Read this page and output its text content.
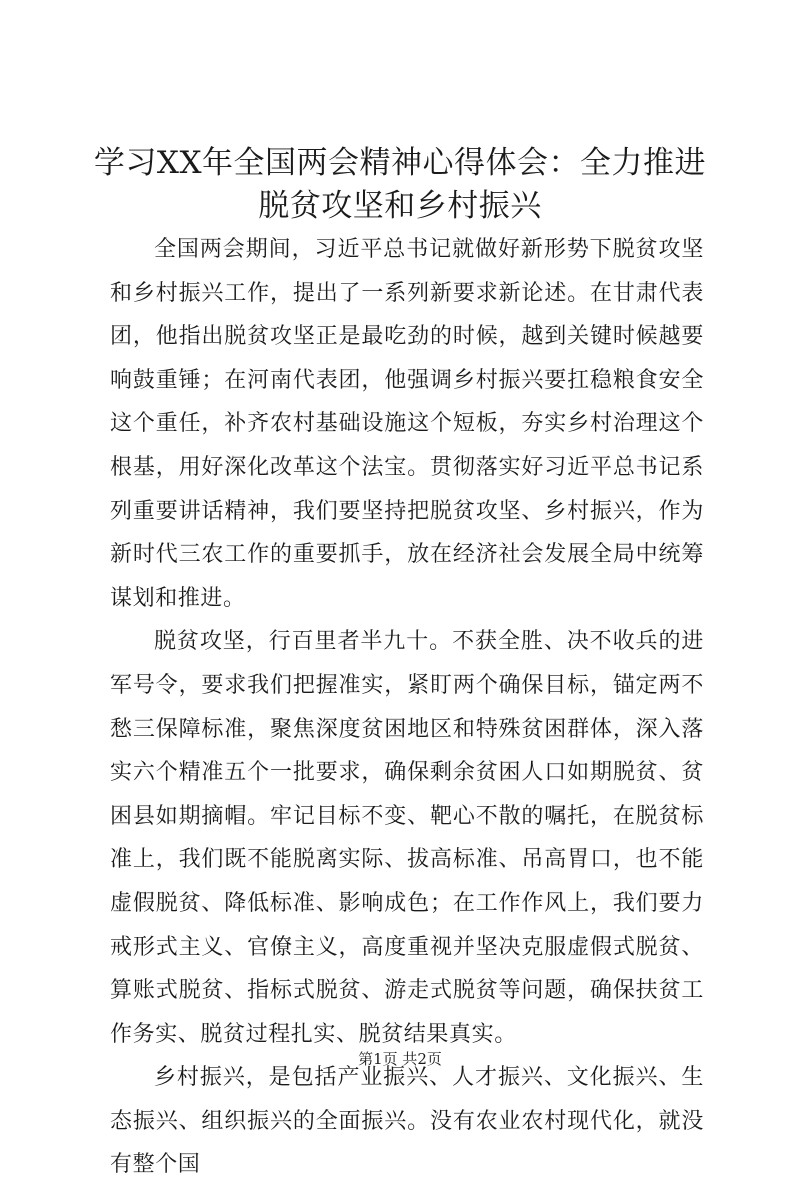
学习XX年全国两会精神心得体会：全力推进
脱贫攻坚和乡村振兴

全国两会期间，习近平总书记就做好新形势下脱贫攻坚和乡村振兴工作，提出了一系列新要求新论述。在甘肃代表团，他指出脱贫攻坚正是最吃劲的时候，越到关键时候越要响鼓重锤；在河南代表团，他强调乡村振兴要扛稳粮食安全这个重任，补齐农村基础设施这个短板，夯实乡村治理这个根基，用好深化改革这个法宝。贯彻落实好习近平总书记系列重要讲话精神，我们要坚持把脱贫攻坚、乡村振兴，作为新时代三农工作的重要抓手，放在经济社会发展全局中统筹谋划和推进。

脱贫攻坚，行百里者半九十。不获全胜、决不收兵的进军号令，要求我们把握准实，紧盯两个确保目标，锚定两不愁三保障标准，聚焦深度贫困地区和特殊贫困群体，深入落实六个精准五个一批要求，确保剩余贫困人口如期脱贫、贫困县如期摘帽。牢记目标不变、靶心不散的嘱托，在脱贫标准上，我们既不能脱离实际、拔高标准、吊高胃口，也不能虚假脱贫、降低标准、影响成色；在工作作风上，我们要力戒形式主义、官僚主义，高度重视并坚决克服虚假式脱贫、算账式脱贫、指标式脱贫、游走式脱贫等问题，确保扶贫工作务实、脱贫过程扎实、脱贫结果真实。

乡村振兴，是包括产业振兴、人才振兴、文化振兴、生态振兴、组织振兴的全面振兴。没有农业农村现代化，就没有整个国

第1页 共2页
